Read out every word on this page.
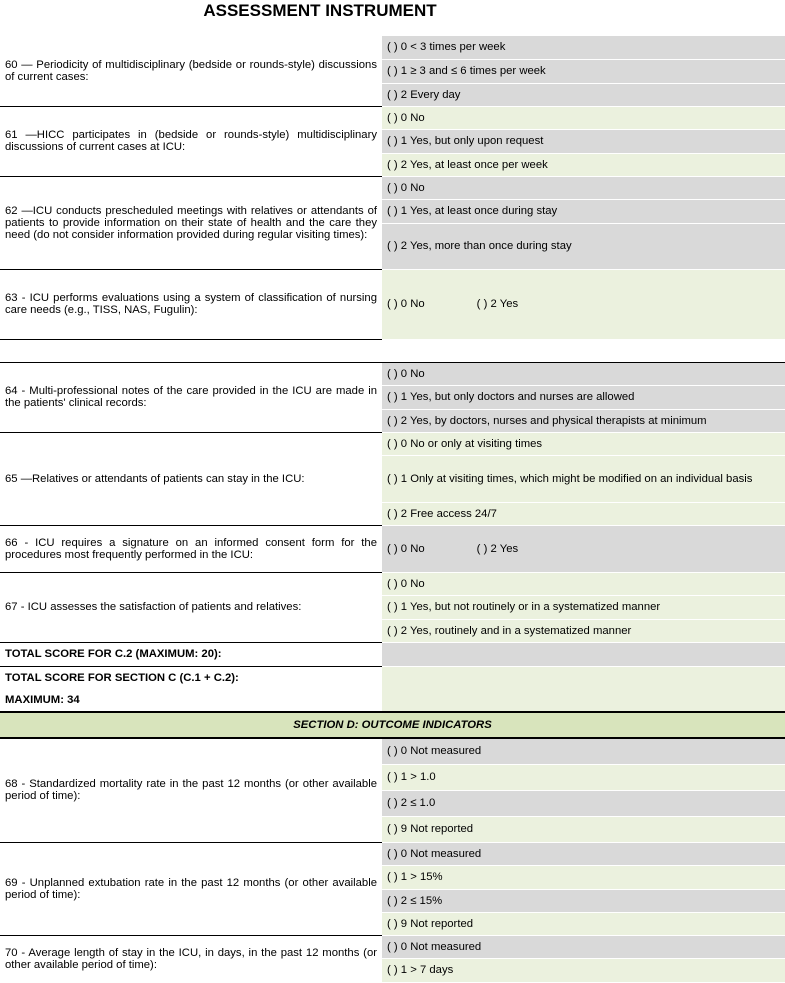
ASSESSMENT INSTRUMENT
60 — Periodicity of multidisciplinary (bedside or rounds-style) discussions of current cases:	( ) 0 < 3 times per week
	( ) 1 ≥ 3 and ≤ 6 times per week
	( ) 2 Every day
61 —HICC participates in (bedside or rounds-style) multidisciplinary discussions of current cases at ICU:	( ) 0 No
	( ) 1 Yes, but only upon request
	( ) 2 Yes, at least once per week
62 —ICU conducts prescheduled meetings with relatives or attendants of patients to provide information on their state of health and the care they need (do not consider information provided during regular visiting times):	( ) 0 No
	( ) 1 Yes, at least once during stay
	( ) 2 Yes, more than once during stay
63 - ICU performs evaluations using a system of classification of nursing care needs (e.g., TISS, NAS, Fugulin):	( ) 0 No ( ) 2 Yes

64 - Multi-professional notes of the care provided in the ICU are made in the patients' clinical records:	( ) 0 No
	( ) 1 Yes, but only doctors and nurses are allowed
	( ) 2 Yes, by doctors, nurses and physical therapists at minimum
65 —Relatives or attendants of patients can stay in the ICU:	( ) 0 No or only at visiting times
	( ) 1 Only at visiting times, which might be modified on an individual basis
	( ) 2 Free access 24/7
66 - ICU requires a signature on an informed consent form for the procedures most frequently performed in the ICU:	( ) 0 No ( ) 2 Yes
67 - ICU assesses the satisfaction of patients and relatives:	( ) 0 No
	( ) 1 Yes, but not routinely or in a systematized manner
	( ) 2 Yes, routinely and in a systematized manner
TOTAL SCORE FOR C.2 (MAXIMUM: 20):	
TOTAL SCORE FOR SECTION C (C.1 + C.2):	
MAXIMUM: 34	
SECTION D: OUTCOME INDICATORS	
68 - Standardized mortality rate in the past 12 months (or other available period of time):	( ) 0 Not measured
	( ) 1 > 1.0
	( ) 2 ≤ 1.0
	( ) 9 Not reported
69 - Unplanned extubation rate in the past 12 months (or other available period of time):	( ) 0 Not measured
	( ) 1 > 15%
	( ) 2 ≤ 15%
	( ) 9 Not reported
70 - Average length of stay in the ICU, in days, in the past 12 months (or other available period of time):	( ) 0 Not measured
	( ) 1 > 7 days
